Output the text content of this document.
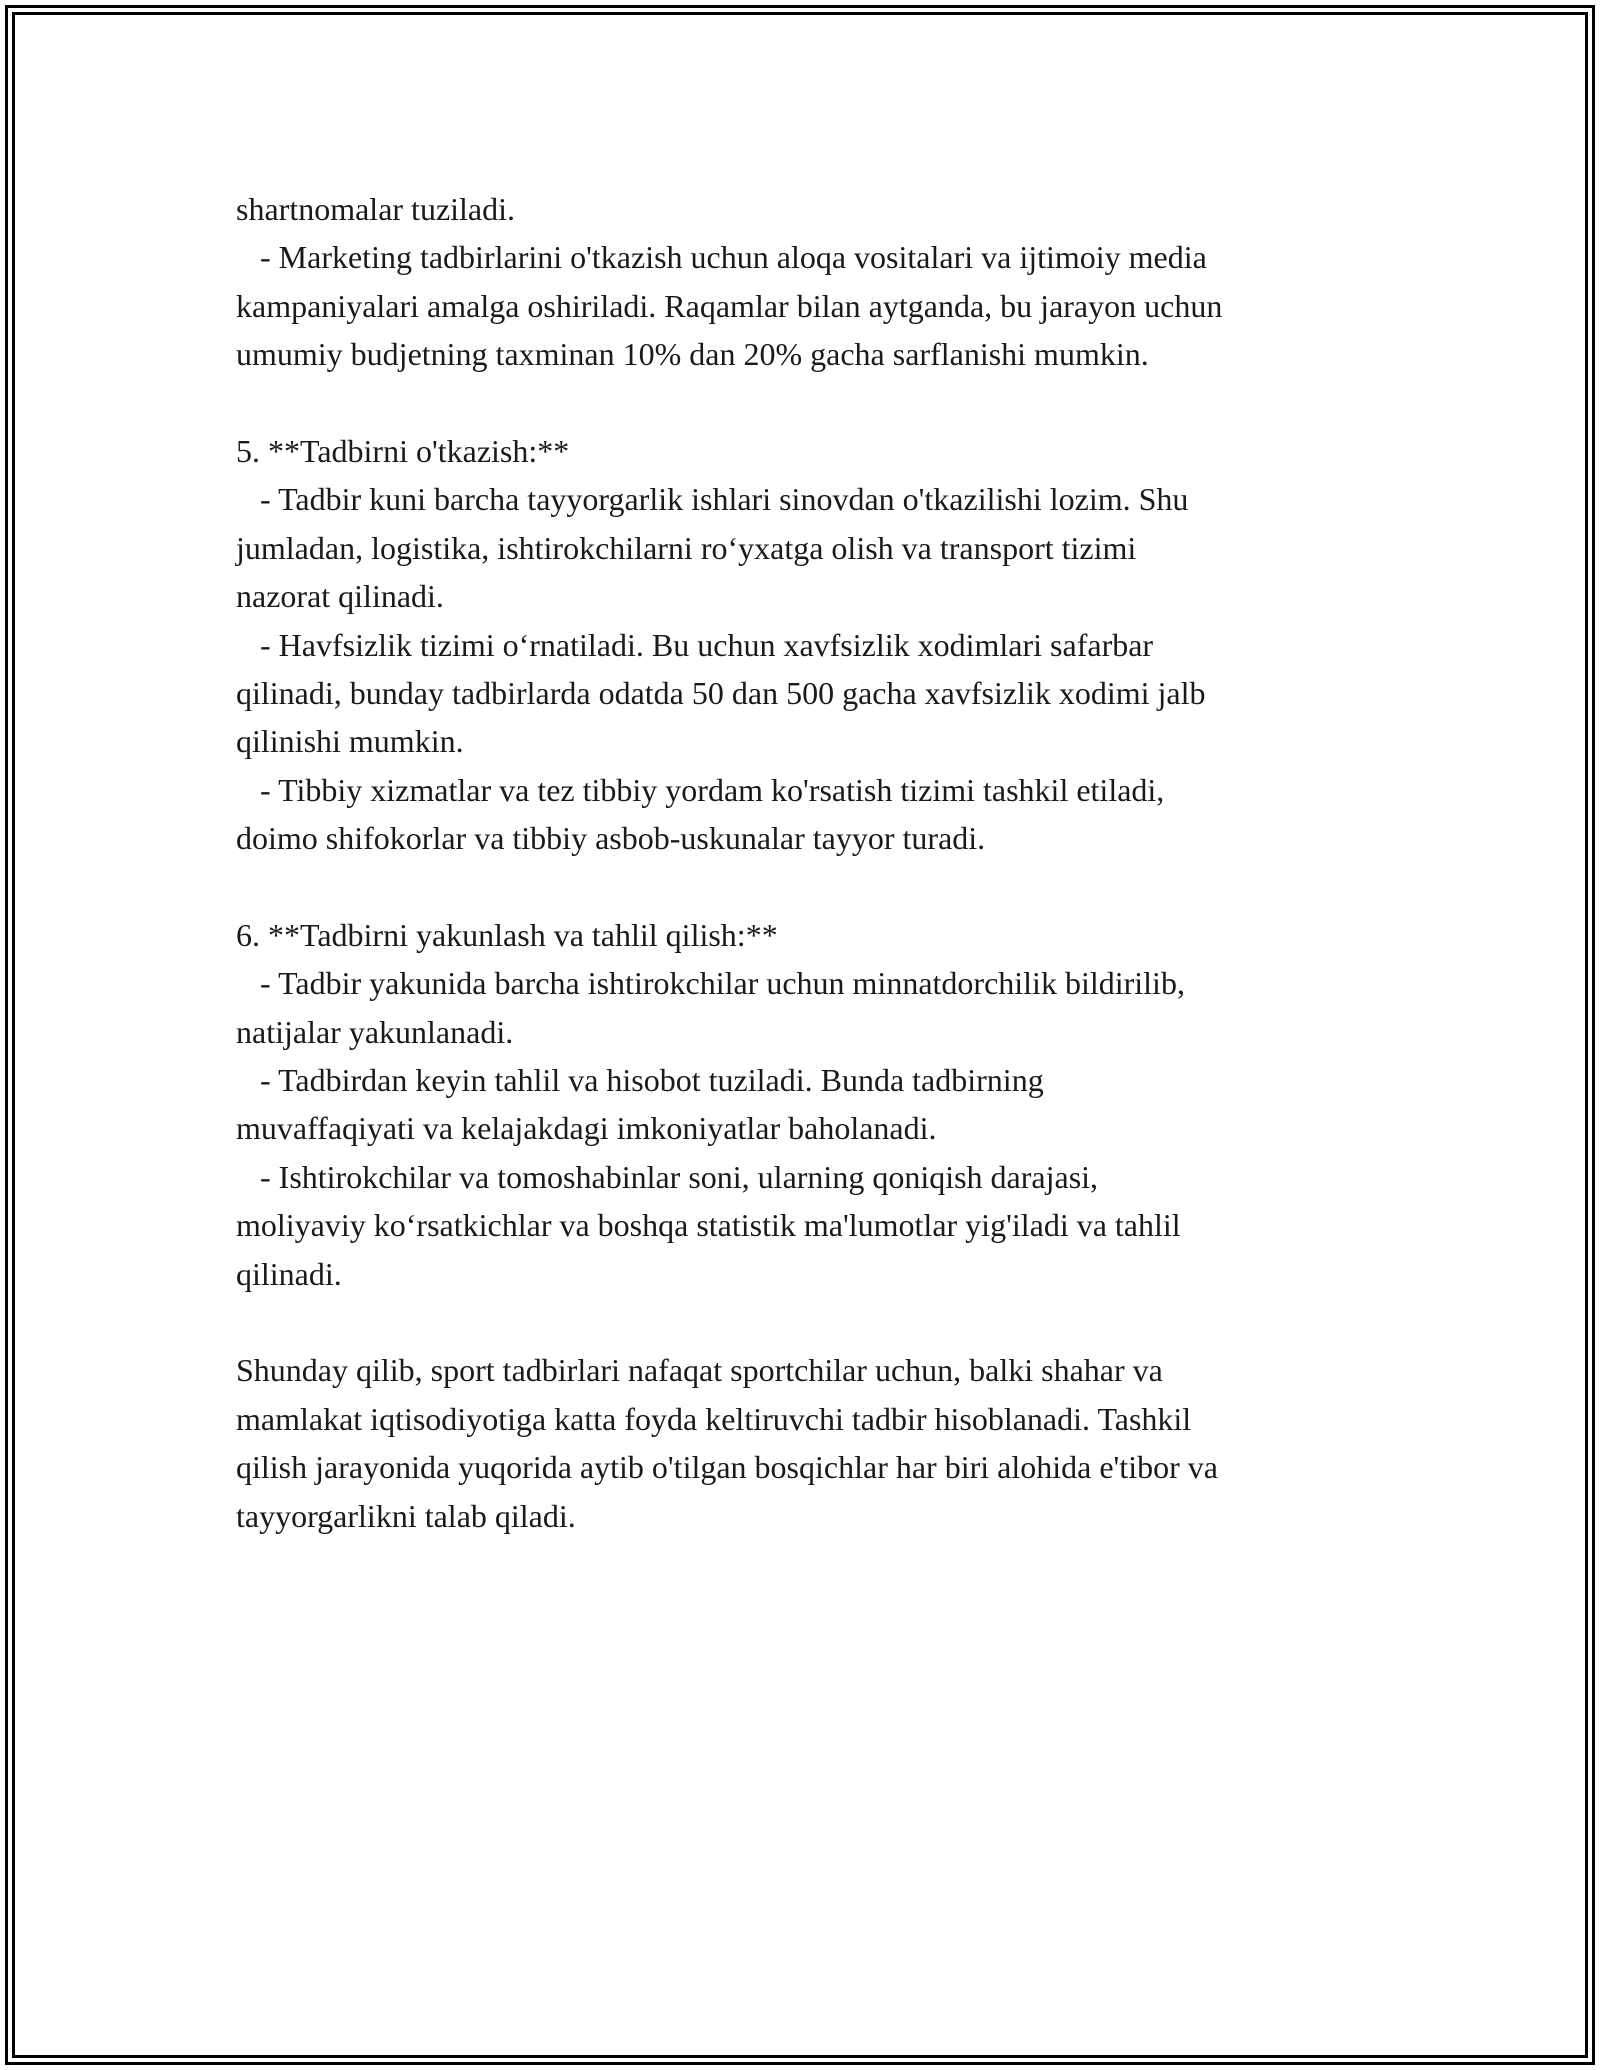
shartnomalar tuziladi.
- Marketing tadbirlarini o'tkazish uchun aloqa vositalari va ijtimoiy media
kampaniyalari amalga oshiriladi. Raqamlar bilan aytganda, bu jarayon uchun
umumiy budjetning taxminan 10% dan 20% gacha sarflanishi mumkin.
5. **Tadbirni o'tkazish:**
- Tadbir kuni barcha tayyorgarlik ishlari sinovdan o'tkazilishi lozim. Shu
jumladan, logistika, ishtirokchilarni ro‘yxatga olish va transport tizimi
nazorat qilinadi.
- Havfsizlik tizimi o‘rnatiladi. Bu uchun xavfsizlik xodimlari safarbar
qilinadi, bunday tadbirlarda odatda 50 dan 500 gacha xavfsizlik xodimi jalb
qilinishi mumkin.
- Tibbiy xizmatlar va tez tibbiy yordam ko'rsatish tizimi tashkil etiladi,
doimo shifokorlar va tibbiy asbob-uskunalar tayyor turadi.
6. **Tadbirni yakunlash va tahlil qilish:**
- Tadbir yakunida barcha ishtirokchilar uchun minnatdorchilik bildirilib,
natijalar yakunlanadi.
- Tadbirdan keyin tahlil va hisobot tuziladi. Bunda tadbirning
muvaffaqiyati va kelajakdagi imkoniyatlar baholanadi.
- Ishtirokchilar va tomoshabinlar soni, ularning qoniqish darajasi,
moliyaviy ko‘rsatkichlar va boshqa statistik ma'lumotlar yig'iladi va tahlil
qilinadi.
Shunday qilib, sport tadbirlari nafaqat sportchilar uchun, balki shahar va
mamlakat iqtisodiyotiga katta foyda keltiruvchi tadbir hisoblanadi. Tashkil
qilish jarayonida yuqorida aytib o'tilgan bosqichlar har biri alohida e'tibor va
tayyorgarlikni talab qiladi.
